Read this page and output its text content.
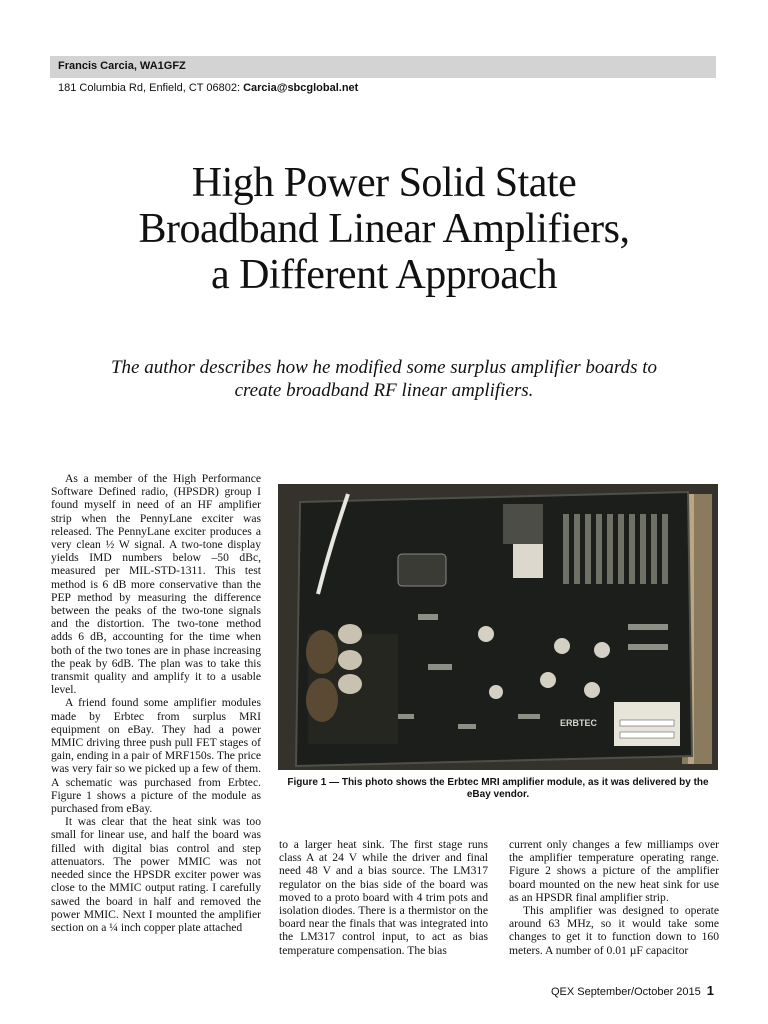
Francis Carcia, WA1GFZ
181 Columbia Rd, Enfield, CT 06802: Carcia@sbcglobal.net
High Power Solid State
Broadband Linear Amplifiers,
a Different Approach
The author describes how he modified some surplus amplifier boards to
create broadband RF linear amplifiers.

As a member of the High Performance Software Defined radio, (HPSDR) group I found myself in need of an HF amplifier strip when the PennyLane exciter was released. The PennyLane exciter produces a very clean ½ W signal. A two-tone display yields IMD numbers below –50 dBc, measured per MIL-STD-1311. This test method is 6 dB more conservative than the PEP method by measuring the difference between the peaks of the two-tone signals and the distortion. The two-tone method adds 6 dB, accounting for the time when both of the two tones are in phase increasing the peak by 6dB. The plan was to take this transmit quality and amplify it to a usable level.

A friend found some amplifier modules made by Erbtec from surplus MRI equipment on eBay. They had a power MMIC driving three push pull FET stages of gain, ending in a pair of MRF150s. The price was very fair so we picked up a few of them. A schematic was purchased from Erbtec. Figure 1 shows a picture of the module as purchased from eBay.

It was clear that the heat sink was too small for linear use, and half the board was filled with digital bias control and step attenuators. The power MMIC was not needed since the HPSDR exciter power was close to the MMIC output rating. I carefully sawed the board in half and removed the power MMIC. Next I mounted the amplifier section on a ¼ inch copper plate attached

ERBTEC
Figure 1 — This photo shows the Erbtec MRI amplifier module, as it was delivered by the eBay vendor.

to a larger heat sink. The first stage runs class A at 24 V while the driver and final need 48 V and a bias source. The LM317 regulator on the bias side of the board was moved to a proto board with 4 trim pots and isolation diodes. There is a thermistor on the board near the finals that was integrated into the LM317 control input, to act as bias temperature compensation. The bias

current only changes a few milliamps over the amplifier temperature operating range. Figure 2 shows a picture of the amplifier board mounted on the new heat sink for use as an HPSDR final amplifier strip.

This amplifier was designed to operate around 63 MHz, so it would take some changes to get it to function down to 160 meters. A number of 0.01 µF capacitor

QEX September/October 2015 1
